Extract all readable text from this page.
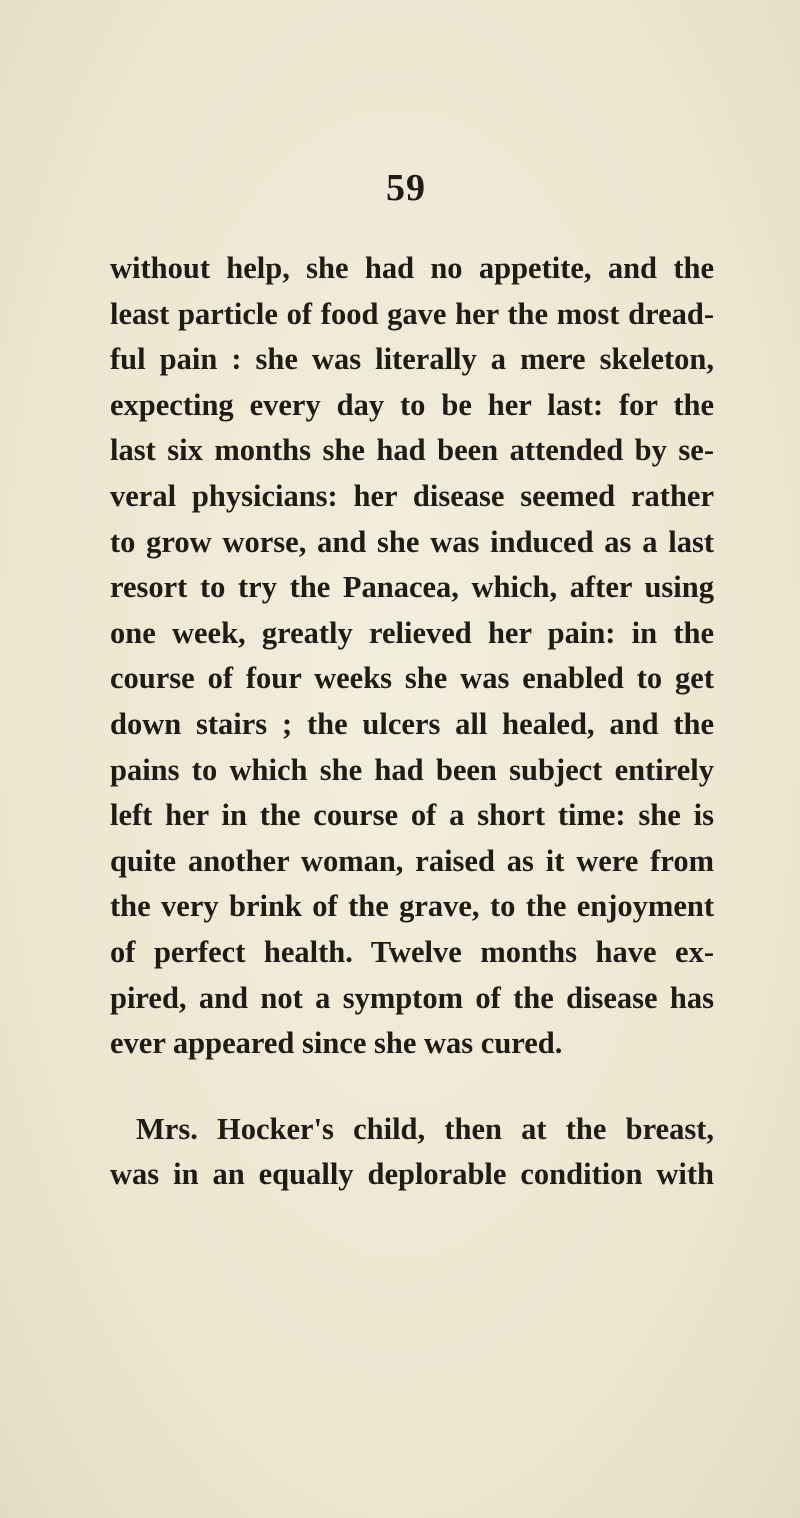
59
without help, she had no appetite, and the
least particle of food gave her the most dread-
ful pain : she was literally a mere skeleton,
expecting every day to be her last: for the
last six months she had been attended by se-
veral physicians: her disease seemed rather
to grow worse, and she was induced as a last
resort to try the Panacea, which, after using
one week, greatly relieved her pain: in the
course of four weeks she was enabled to get
down stairs ; the ulcers all healed, and the
pains to which she had been subject entirely
left her in the course of a short time: she is
quite another woman, raised as it were from
the very brink of the grave, to the enjoyment
of perfect health. Twelve months have ex-
pired, and not a symptom of the disease has
ever appeared since she was cured.
Mrs. Hocker's child, then at the breast,
was in an equally deplorable condition with
